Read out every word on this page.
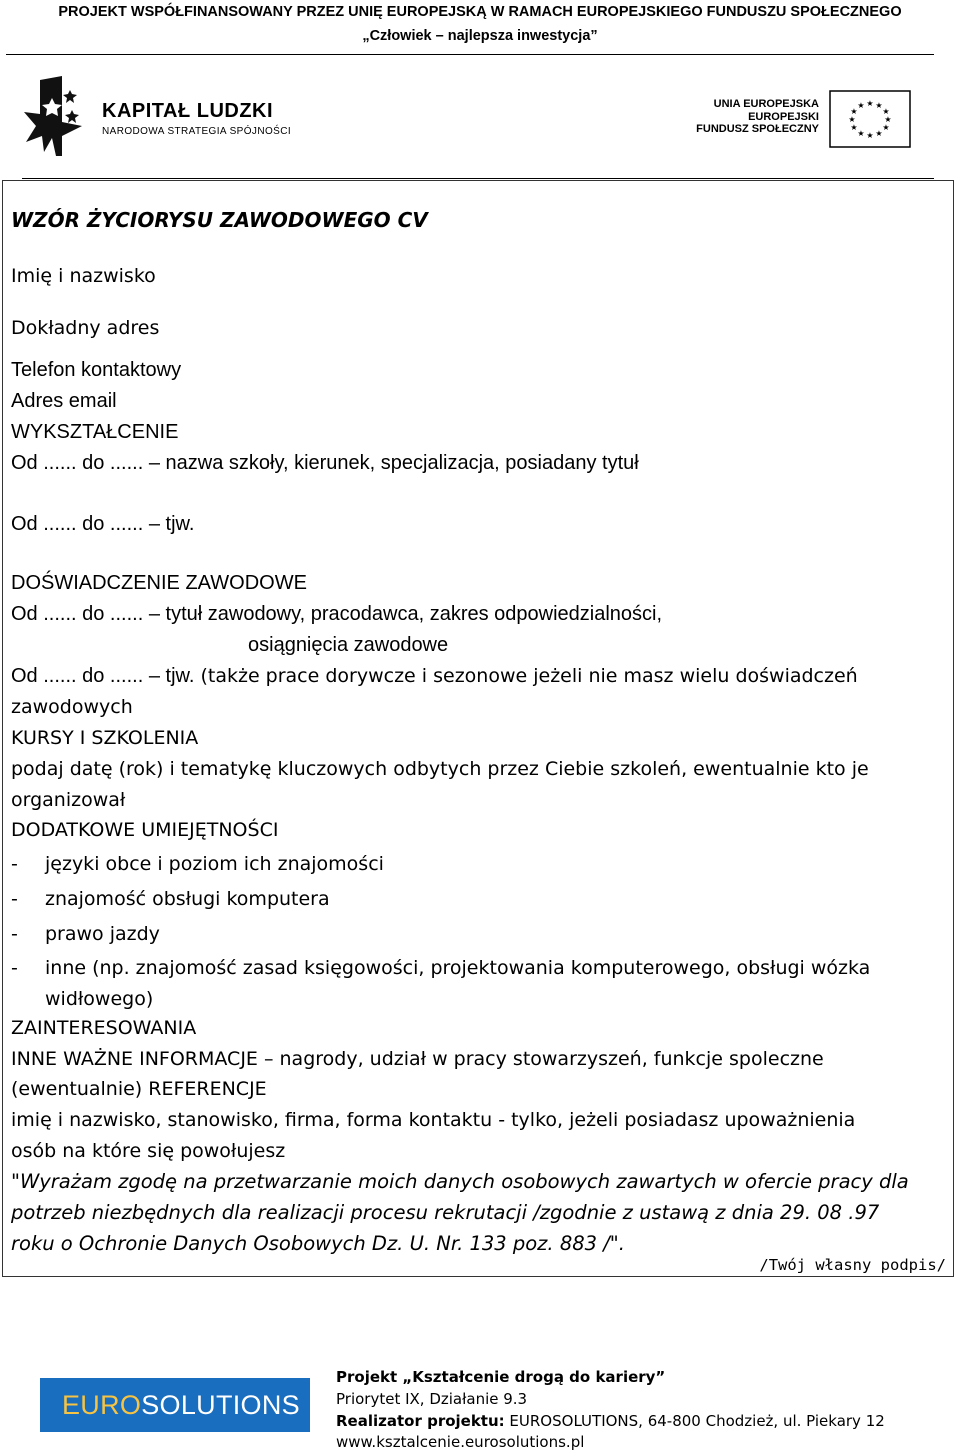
PROJEKT WSPÓŁFINANSOWANY PRZEZ UNIĘ EUROPEJSKĄ W RAMACH EUROPEJSKIEGO FUNDUSZU SPOŁECZNEGO
„Człowiek – najlepsza inwestycja”
KAPITAŁ LUDZKI
NARODOWA STRATEGIA SPÓJNOŚCI
UNIA EUROPEJSKA
EUROPEJSKI
FUNDUSZ SPOŁECZNY
★ ★
★
★
★
★
★
★
★
★
★
★
WZÓR ŻYCIORYSU ZAWODOWEGO CV
Imię i nazwisko
Dokładny adres
Telefon kontaktowy
Adres email
WYKSZTAŁCENIE
Od ...... do ...... – nazwa szkoły, kierunek, specjalizacja, posiadany tytuł
Od ...... do ...... – tjw.
DOŚWIADCZENIE ZAWODOWE
Od ...... do ...... – tytuł zawodowy, pracodawca, zakres odpowiedzialności,
osiągnięcia zawodowe
Od ...... do ...... – tjw. (także prace dorywcze i sezonowe jeżeli nie masz wielu doświadczeń
zawodowych
KURSY I SZKOLENIA
podaj datę (rok) i tematykę kluczowych odbytych przez Ciebie szkoleń, ewentualnie kto je
organizował
DODATKOWE UMIEJĘTNOŚCI
- języki obce i poziom ich znajomości
- znajomość obsługi komputera
- prawo jazdy
- inne (np. znajomość zasad księgowości, projektowania komputerowego, obsługi wózka
widłowego)
ZAINTERESOWANIA
INNE WAŻNE INFORMACJE – nagrody, udział w pracy stowarzyszeń, funkcje spoleczne
(ewentualnie) REFERENCJE
imię i nazwisko, stanowisko, firma, forma kontaktu - tylko, jeżeli posiadasz upoważnienia
osób na które się powołujesz
"Wyrażam zgodę na przetwarzanie moich danych osobowych zawartych w ofercie pracy dla
potrzeb niezbędnych dla realizacji procesu rekrutacji /zgodnie z ustawą z dnia 29. 08 .97
roku o Ochronie Danych Osobowych Dz. U. Nr. 133 poz. 883 /".
/Twój własny podpis/
EUROSOLUTIONS
Projekt „Kształcenie drogą do kariery”
Priorytet IX, Działanie 9.3
Realizator projektu: EUROSOLUTIONS, 64-800 Chodzież, ul. Piekary 12
www.ksztalcenie.eurosolutions.pl
